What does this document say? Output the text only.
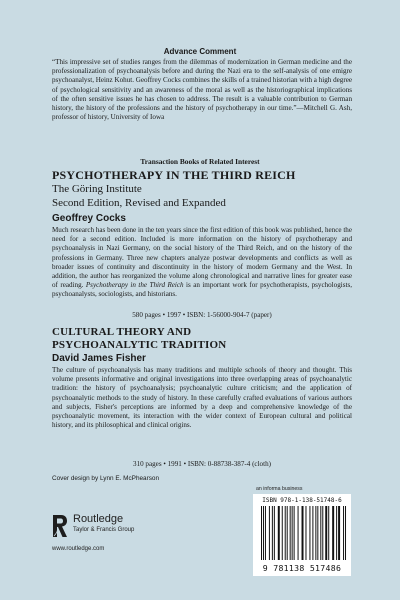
Advance Comment

“This impressive set of studies ranges from the dilemmas of modernization in German medicine and the professionalization of psychoanalysis before and during the Nazi era to the self-analysis of one emigre psychoanalyst, Heinz Kohut. Geoffrey Cocks combines the skills of a trained historian with a high degree of psychological sensitivity and an awareness of the moral as well as the historiographical implications of the often sensitive issues he has chosen to address. The result is a valuable contribution to German history, the history of the professions and the history of psychotherapy in our time.”—Mitchell G. Ash, professor of history, University of Iowa

Transaction Books of Related Interest
PSYCHOTHERAPY IN THE THIRD REICH
The Göring Institute
Second Edition, Revised and Expanded
Geoffrey Cocks

Much research has been done in the ten years since the first edition of this book was published, hence the need for a second edition. Included is more information on the history of psychotherapy and psychoanalysis in Nazi Germany, on the social history of the Third Reich, and on the history of the professions in Germany. Three new chapters analyze postwar developments and conflicts as well as broader issues of continuity and discontinuity in the history of modern Germany and the West. In addition, the author has reorganized the volume along chronological and narrative lines for greater ease of reading. Psychotherapy in the Third Reich is an important work for psychotherapists, psychologists, psychoanalysts, sociologists, and historians.

580 pages • 1997 • ISBN: 1-56000-904-7 (paper)
CULTURAL THEORY AND
PSYCHOANALYTIC TRADITION
David James Fisher

The culture of psychoanalysis has many traditions and multiple schools of theory and thought. This volume presents informative and original investigations into three overlapping areas of psychoanalytic tradition: the history of psychoanalysis; psychoanalytic culture criticism; and the application of psychoanalytic methods to the study of history. In these carefully crafted evaluations of various authors and subjects, Fisher's perceptions are informed by a deep and comprehensive knowledge of the psychoanalytic movement, its interaction with the wider context of European cultural and political history, and its philosophical and clinical origins.

310 pages • 1991 • ISBN: 0-88738-387-4 (cloth)
Cover design by Lynn E. McPhearson
Routledge
Taylor & Francis Group
www.routledge.com
an informa business
ISBN 978-1-138-51748-6
9 781138 517486
